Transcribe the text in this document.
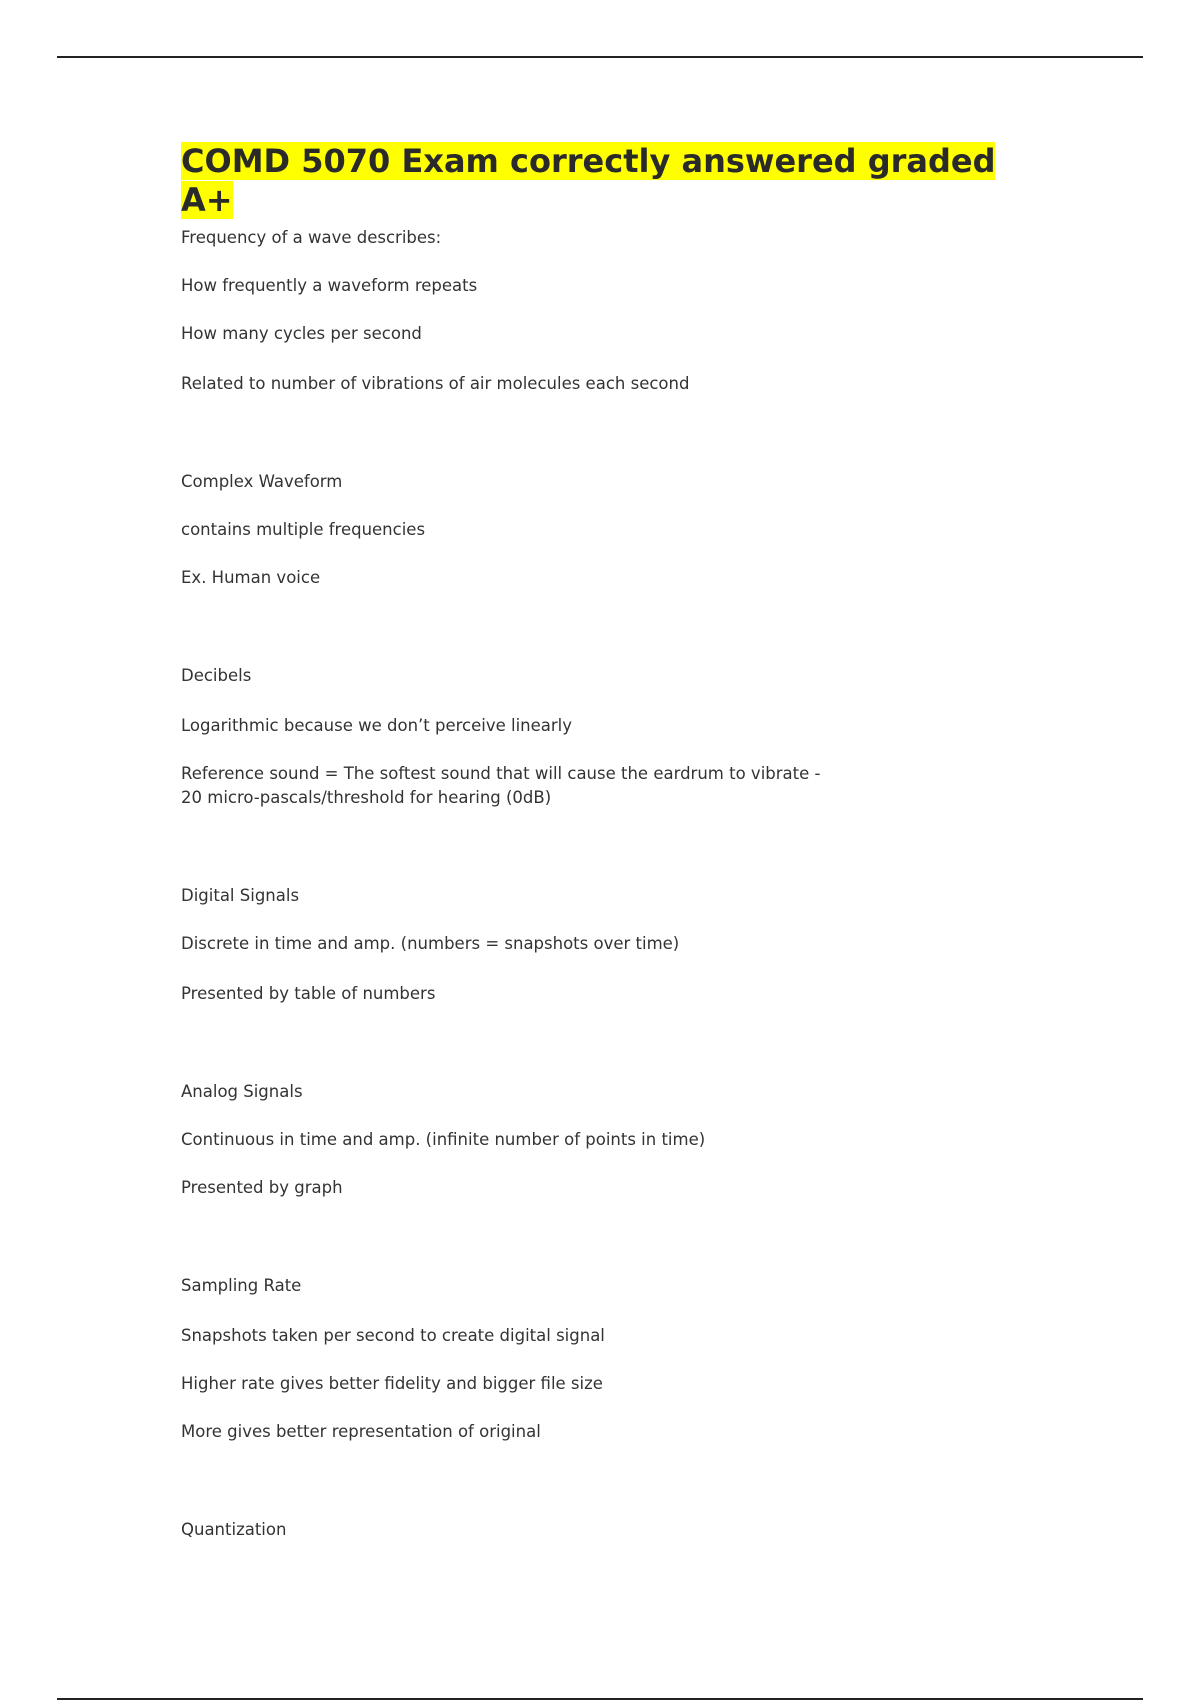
COMD 5070 Exam correctly answered graded A+
Frequency of a wave describes:
How frequently a waveform repeats
How many cycles per second
Related to number of vibrations of air molecules each second
Complex Waveform
contains multiple frequencies
Ex. Human voice
Decibels
Logarithmic because we don’t perceive linearly
Reference sound = The softest sound that will cause the eardrum to vibrate - 20 micro-pascals/threshold for hearing (0dB)
Digital Signals
Discrete in time and amp. (numbers = snapshots over time)
Presented by table of numbers
Analog Signals
Continuous in time and amp. (infinite number of points in time)
Presented by graph
Sampling Rate
Snapshots taken per second to create digital signal
Higher rate gives better fidelity and bigger file size
More gives better representation of original
Quantization
